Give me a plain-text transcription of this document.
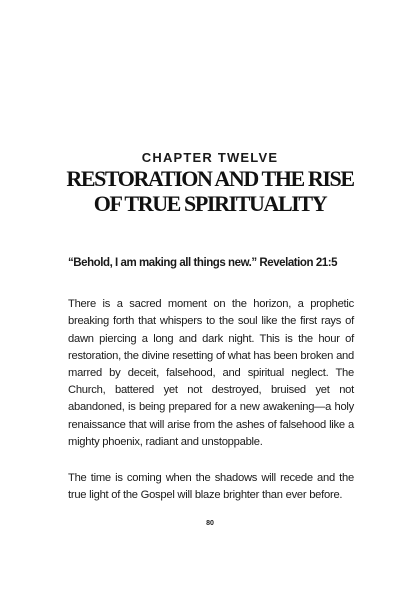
CHAPTER TWELVE
RESTORATION AND THE RISE
OF TRUE SPIRITUALITY
“Behold, I am making all things new.” Revelation 21:5

There is a sacred moment on the horizon, a prophetic breaking forth that whispers to the soul like the first rays of dawn piercing a long and dark night. This is the hour of restoration, the divine resetting of what has been broken and marred by deceit, falsehood, and spiritual neglect. The Church, battered yet not destroyed, bruised yet not abandoned, is being prepared for a new awakening—a holy renaissance that will arise from the ashes of falsehood like a mighty phoenix, radiant and unstoppable.

The time is coming when the shadows will recede and the true light of the Gospel will blaze brighter than ever before.

80
